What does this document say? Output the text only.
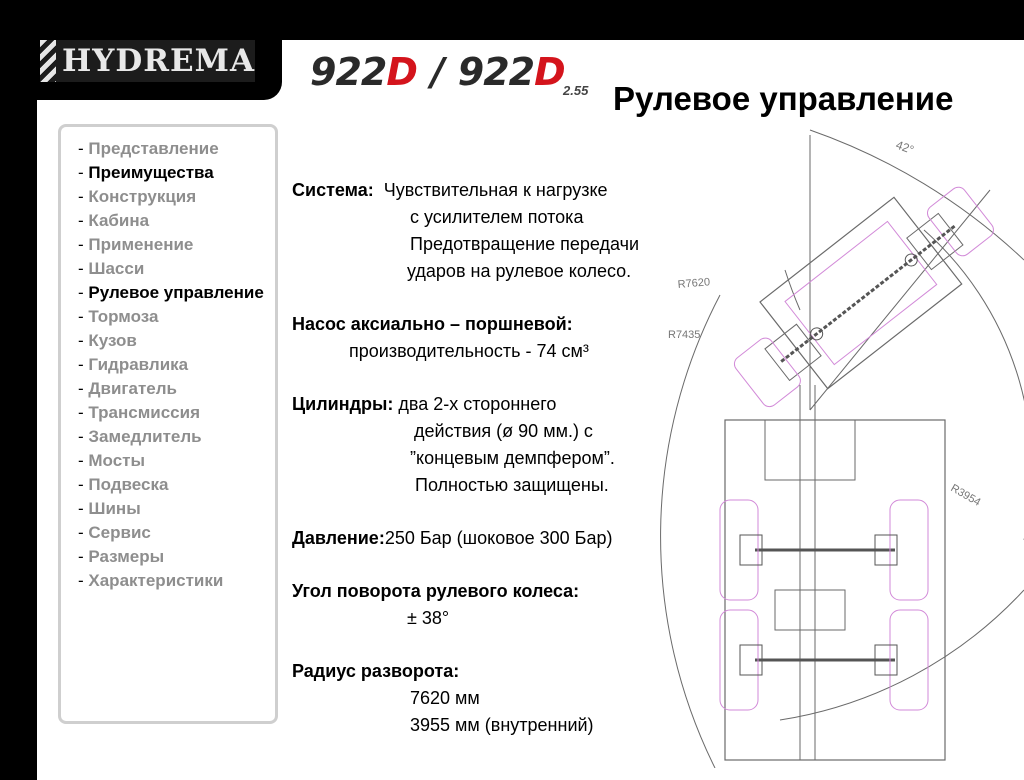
HYDREMA 922D / 922D
2.55 Рулевое управление
- Представление
- Преимущества
- Конструкция
- Кабина
- Применение
- Шасси
- Рулевое управление
- Тормоза
- Кузов
- Гидравлика
- Двигатель
- Трансмиссия
- Замедлитель
- Мосты
- Подвеска
- Шины
- Сервис
- Размеры
- Характеристики
Система: Чувствительная к нагрузке
с усилителем потока
Предотвращение передачи
ударов на рулевое колесо.
Насос аксиально – поршневой:
производительность - 74 см³
Цилиндры: два 2-х стороннего
действия (ø 90 мм.) с
”концевым демпфером”.
Полностью защищены.
Давление:250 Бар (шоковое 300 Бар)
Угол поворота рулевого колеса:
± 38°
Радиус разворота:
7620 мм
3955 мм (внутренний)
42°
R7620
R7435
R3954
